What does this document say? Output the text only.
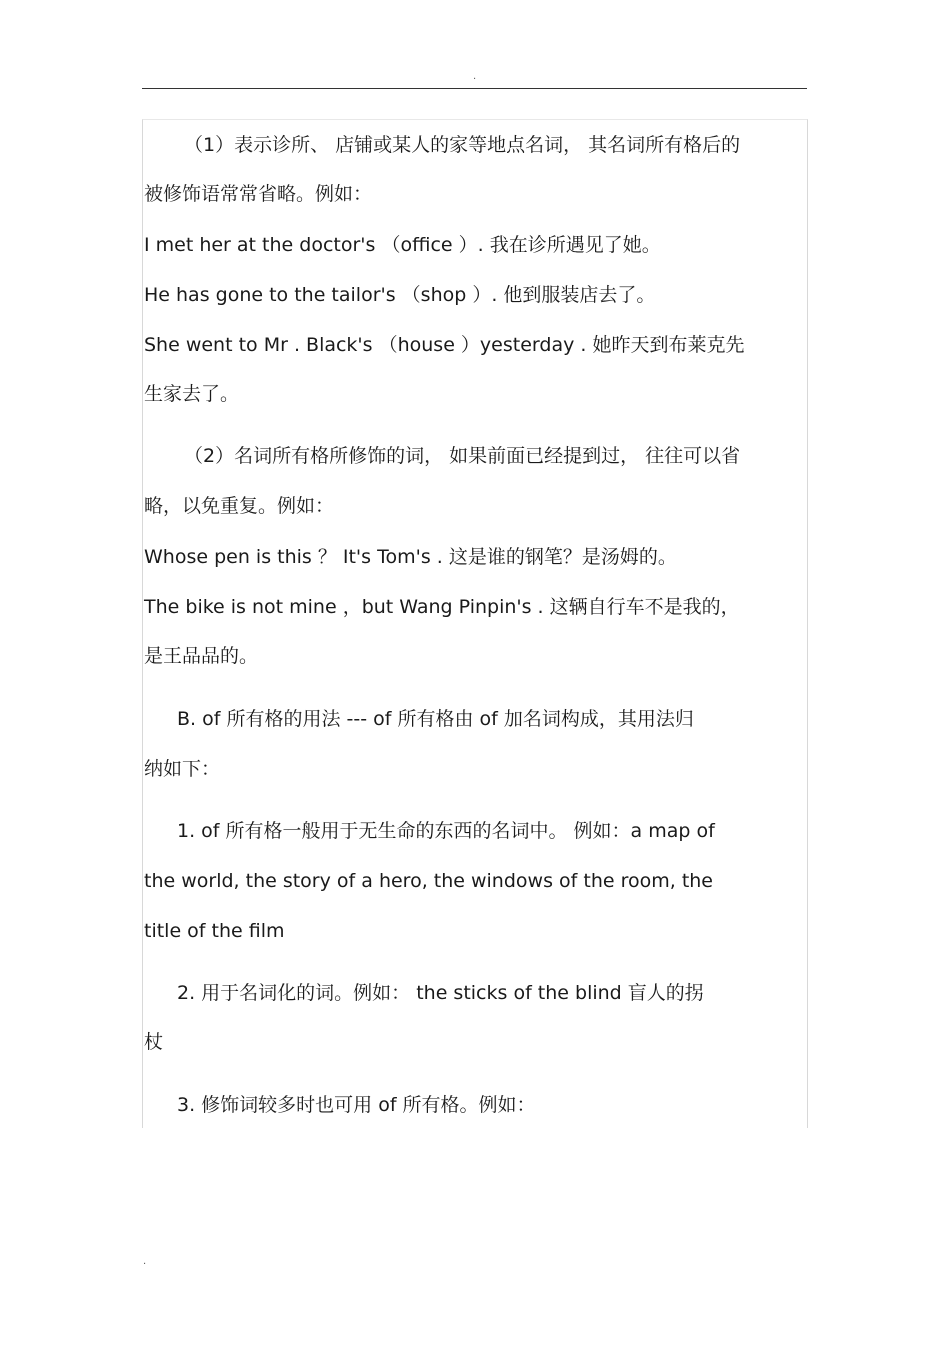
.
（1）表示诊所、 店铺或某人的家等地点名词， 其名词所有格后的
被修饰语常常省略。例如：
I met her at the doctor's （office ）. 我在诊所遇见了她。
He has gone to the tailor's （shop ）. 他到服装店去了。
She went to Mr . Black's （house ）yesterday . 她昨天到布莱克先
生家去了。
（2）名词所有格所修饰的词， 如果前面已经提到过， 往往可以省
略，以免重复。例如：
Whose pen is this ？ It's Tom's . 这是谁的钢笔？是汤姆的。
The bike is not mine ，but Wang Pinpin's . 这辆自行车不是我的，
是王品品的。
B. of 所有格的用法 --- of 所有格由 of 加名词构成，其用法归
纳如下：
1. of 所有格一般用于无生命的东西的名词中。 例如：a map of
the world, the story of a hero, the windows of the room, the
title of the film
2. 用于名词化的词。例如： the sticks of the blind 盲人的拐
杖
3. 修饰词较多时也可用 of 所有格。例如：
.
